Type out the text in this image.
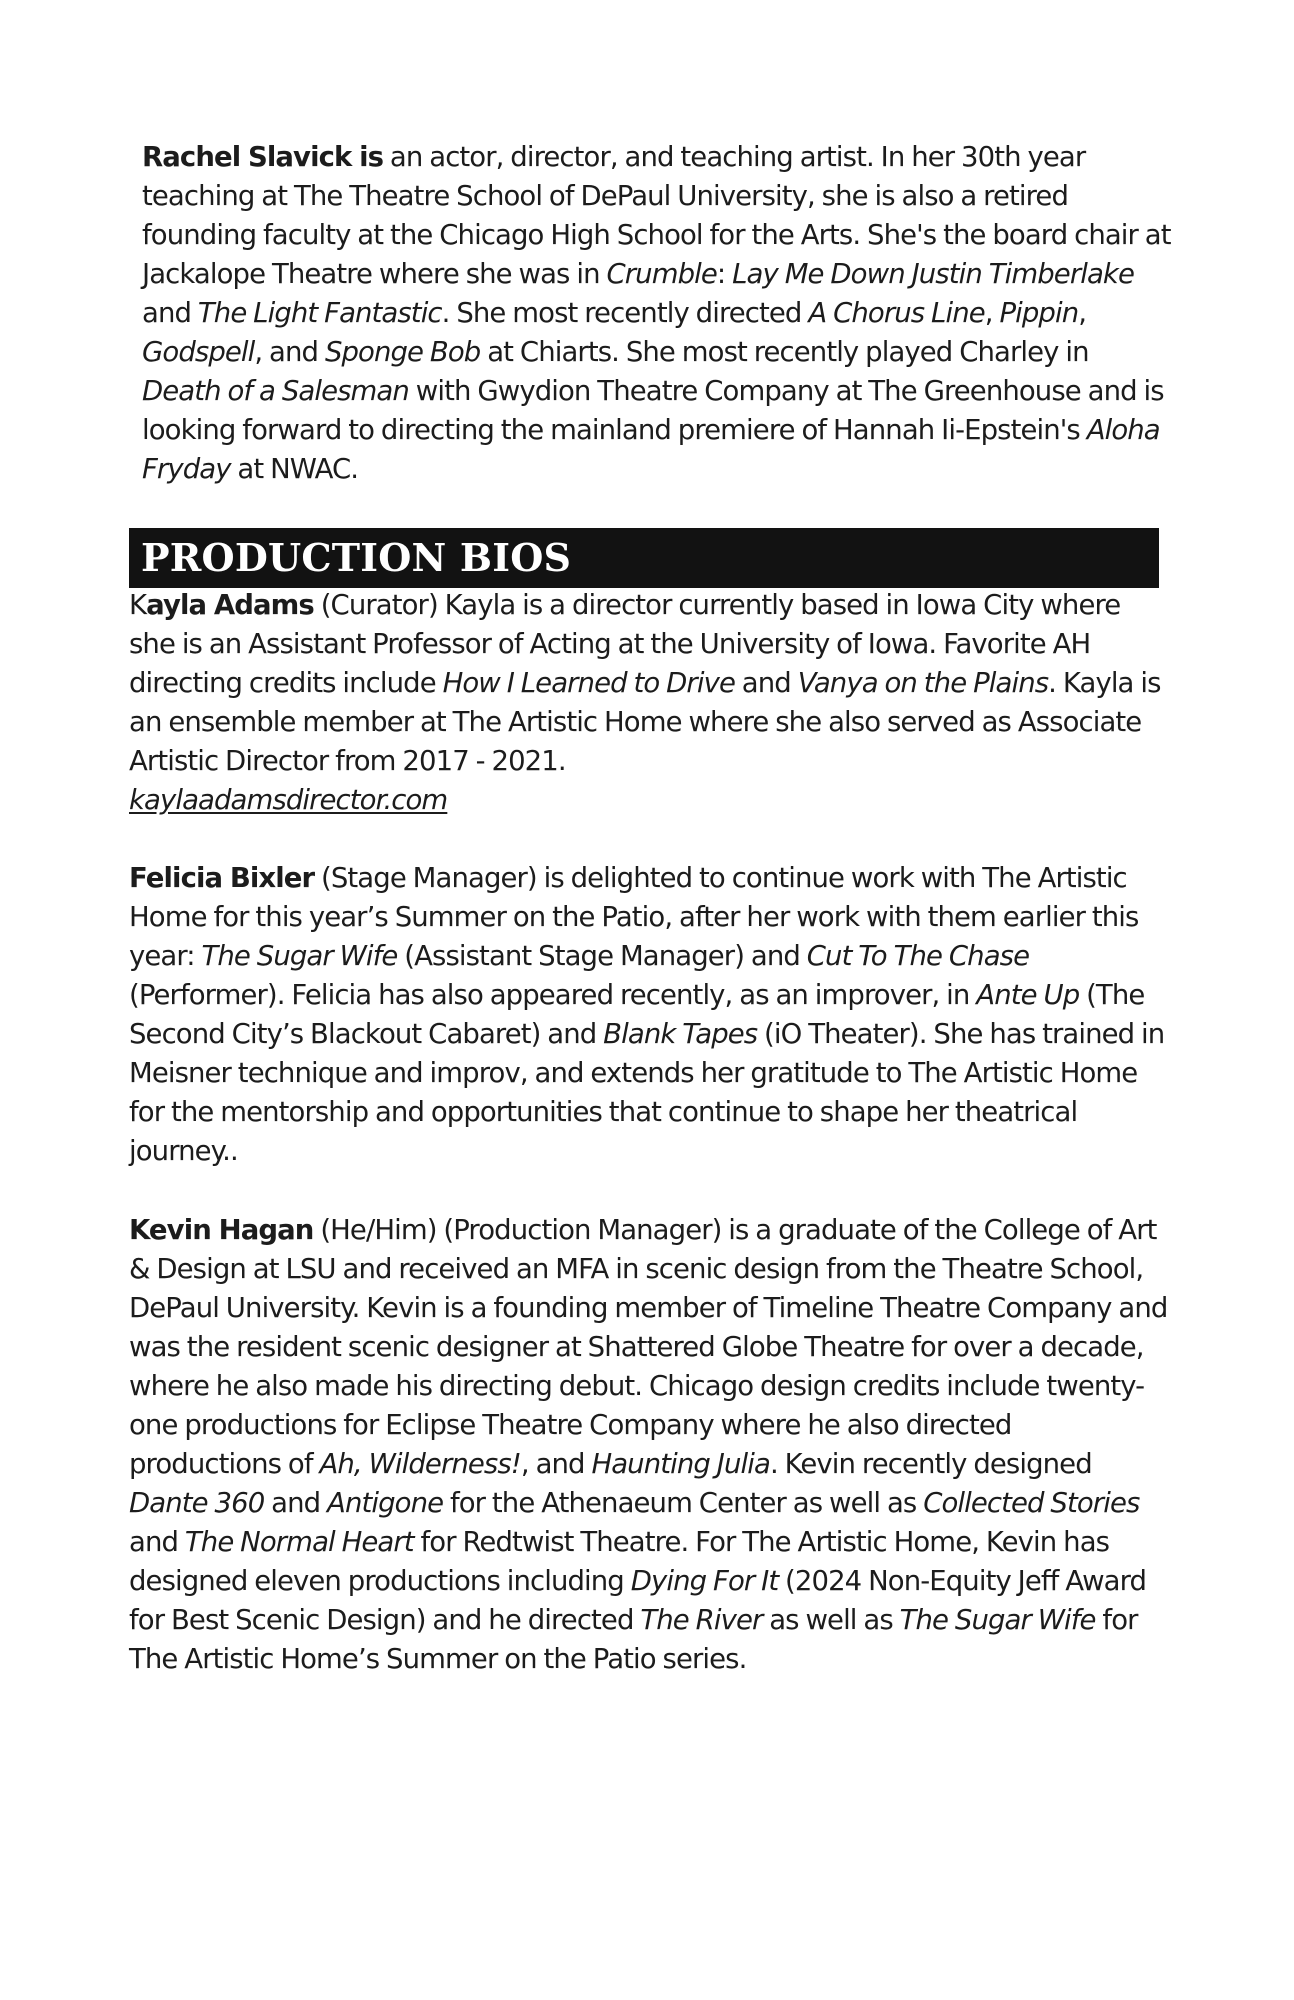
Rachel Slavick is an actor, director, and teaching artist. In her 30th year teaching at The Theatre School of DePaul University, she is also a retired founding faculty at the Chicago High School for the Arts. She's the board chair at Jackalope Theatre where she was in Crumble: Lay Me Down Justin Timberlake and The Light Fantastic. She most recently directed A Chorus Line, Pippin, Godspell, and Sponge Bob at Chiarts. She most recently played Charley in Death of a Salesman with Gwydion Theatre Company at The Greenhouse and is looking forward to directing the mainland premiere of Hannah Ii-Epstein's Aloha Fryday at NWAC.

PRODUCTION BIOS

Kayla Adams (Curator) Kayla is a director currently based in Iowa City where she is an Assistant Professor of Acting at the University of Iowa. Favorite AH directing credits include How I Learned to Drive and Vanya on the Plains. Kayla is an ensemble member at The Artistic Home where she also served as Associate Artistic Director from 2017 - 2021.
kaylaadamsdirector.com

Felicia Bixler (Stage Manager) is delighted to continue work with The Artistic Home for this year’s Summer on the Patio, after her work with them earlier this year: The Sugar Wife (Assistant Stage Manager) and Cut To The Chase (Performer). Felicia has also appeared recently, as an improver, in Ante Up (The Second City’s Blackout Cabaret) and Blank Tapes (iO Theater). She has trained in Meisner technique and improv, and extends her gratitude to The Artistic Home for the mentorship and opportunities that continue to shape her theatrical journey..

Kevin Hagan (He/Him) (Production Manager) is a graduate of the College of Art & Design at LSU and received an MFA in scenic design from the Theatre School, DePaul University. Kevin is a founding member of Timeline Theatre Company and was the resident scenic designer at Shattered Globe Theatre for over a decade, where he also made his directing debut. Chicago design credits include twenty-one productions for Eclipse Theatre Company where he also directed productions of Ah, Wilderness!, and Haunting Julia. Kevin recently designed Dante 360 and Antigone for the Athenaeum Center as well as Collected Stories and The Normal Heart for Redtwist Theatre. For The Artistic Home, Kevin has designed eleven productions including Dying For It (2024 Non-Equity Jeff Award for Best Scenic Design) and he directed The River as well as The Sugar Wife for The Artistic Home’s Summer on the Patio series.
